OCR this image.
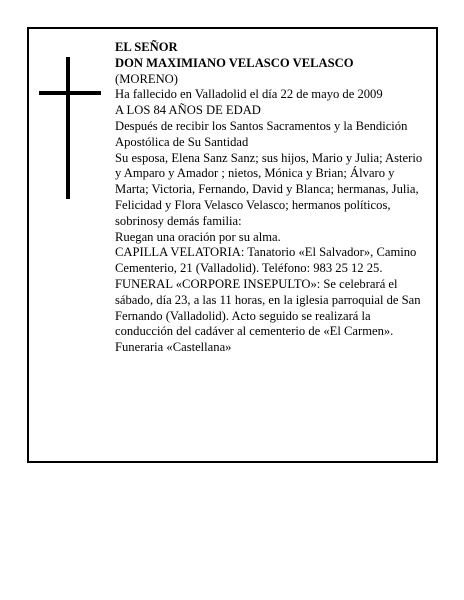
EL SEÑOR

DON MAXIMIANO VELASCO VELASCO

(MORENO)

Ha fallecido en Valladolid el día 22 de mayo de 2009

A LOS 84 AÑOS DE EDAD

Después de recibir los Santos Sacramentos y la Bendición Apostólica de Su Santidad

Su esposa, Elena Sanz Sanz; sus hijos, Mario y Julia; Asterio y Amparo y Amador ; nietos, Mónica y Brian; Álvaro y Marta; Victoria, Fernando, David y Blanca; hermanas, Julia, Felicidad y Flora Velasco Velasco; hermanos políticos, sobrinosy demás familia:

Ruegan una oración por su alma.

CAPILLA VELATORIA: Tanatorio «El Salvador», Camino Cementerio, 21 (Valladolid). Teléfono: 983 25 12 25.

FUNERAL «CORPORE INSEPULTO»: Se celebrará el sábado, día 23, a las 11 horas, en la iglesia parroquial de San Fernando (Valladolid). Acto seguido se realizará la conducción del cadáver al cementerio de «El Carmen».

Funeraria «Castellana»
